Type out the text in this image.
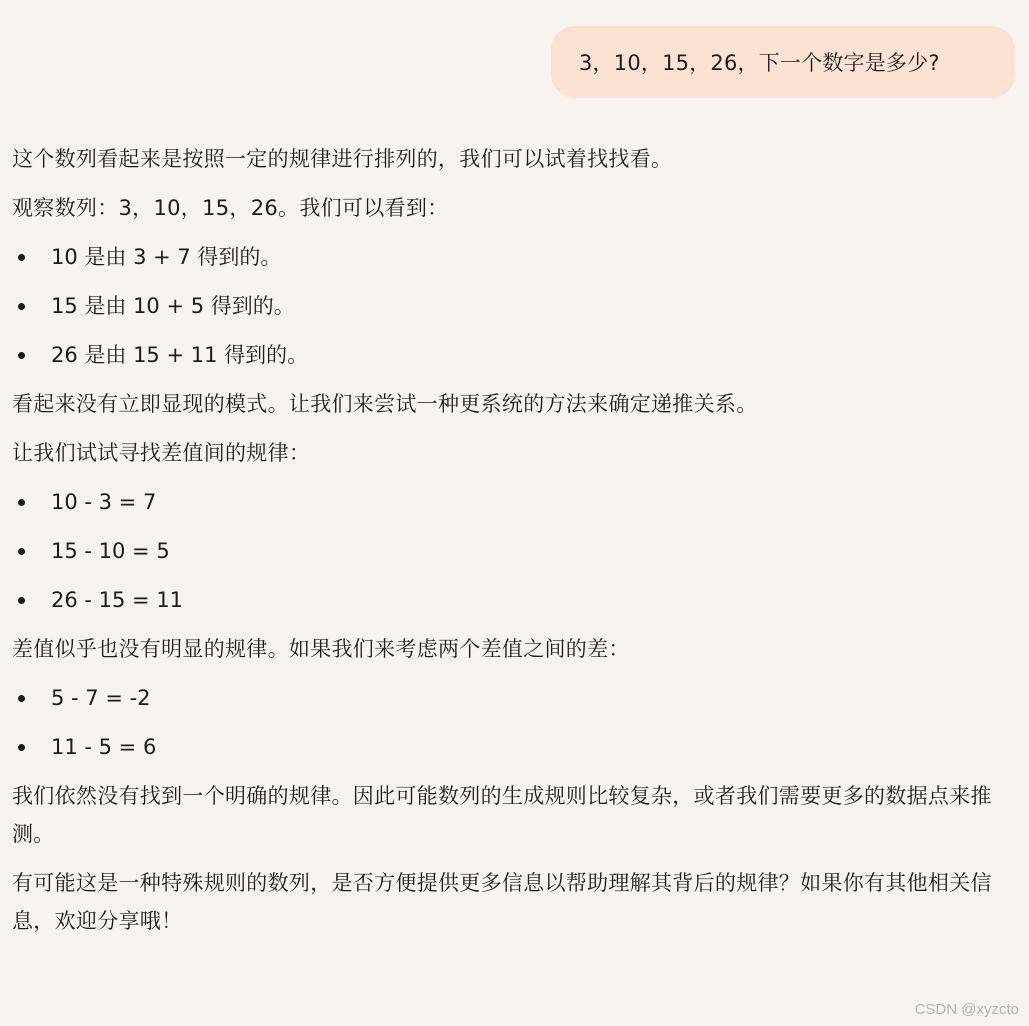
3，10，15，26，下一个数字是多少?

这个数列看起来是按照一定的规律进行排列的，我们可以试着找找看。

观察数列：3，10，15，26。我们可以看到：

10 是由 3 + 7 得到的。
15 是由 10 + 5 得到的。
26 是由 15 + 11 得到的。

看起来没有立即显现的模式。让我们来尝试一种更系统的方法来确定递推关系。

让我们试试寻找差值间的规律：

10 - 3 = 7
15 - 10 = 5
26 - 15 = 11

差值似乎也没有明显的规律。如果我们来考虑两个差值之间的差：

5 - 7 = -2
11 - 5 = 6

我们依然没有找到一个明确的规律。因此可能数列的生成规则比较复杂，或者我们需要更多的数据点来推测。

有可能这是一种特殊规则的数列，是否方便提供更多信息以帮助理解其背后的规律？如果你有其他相关信息，欢迎分享哦！

CSDN @xyzcto
